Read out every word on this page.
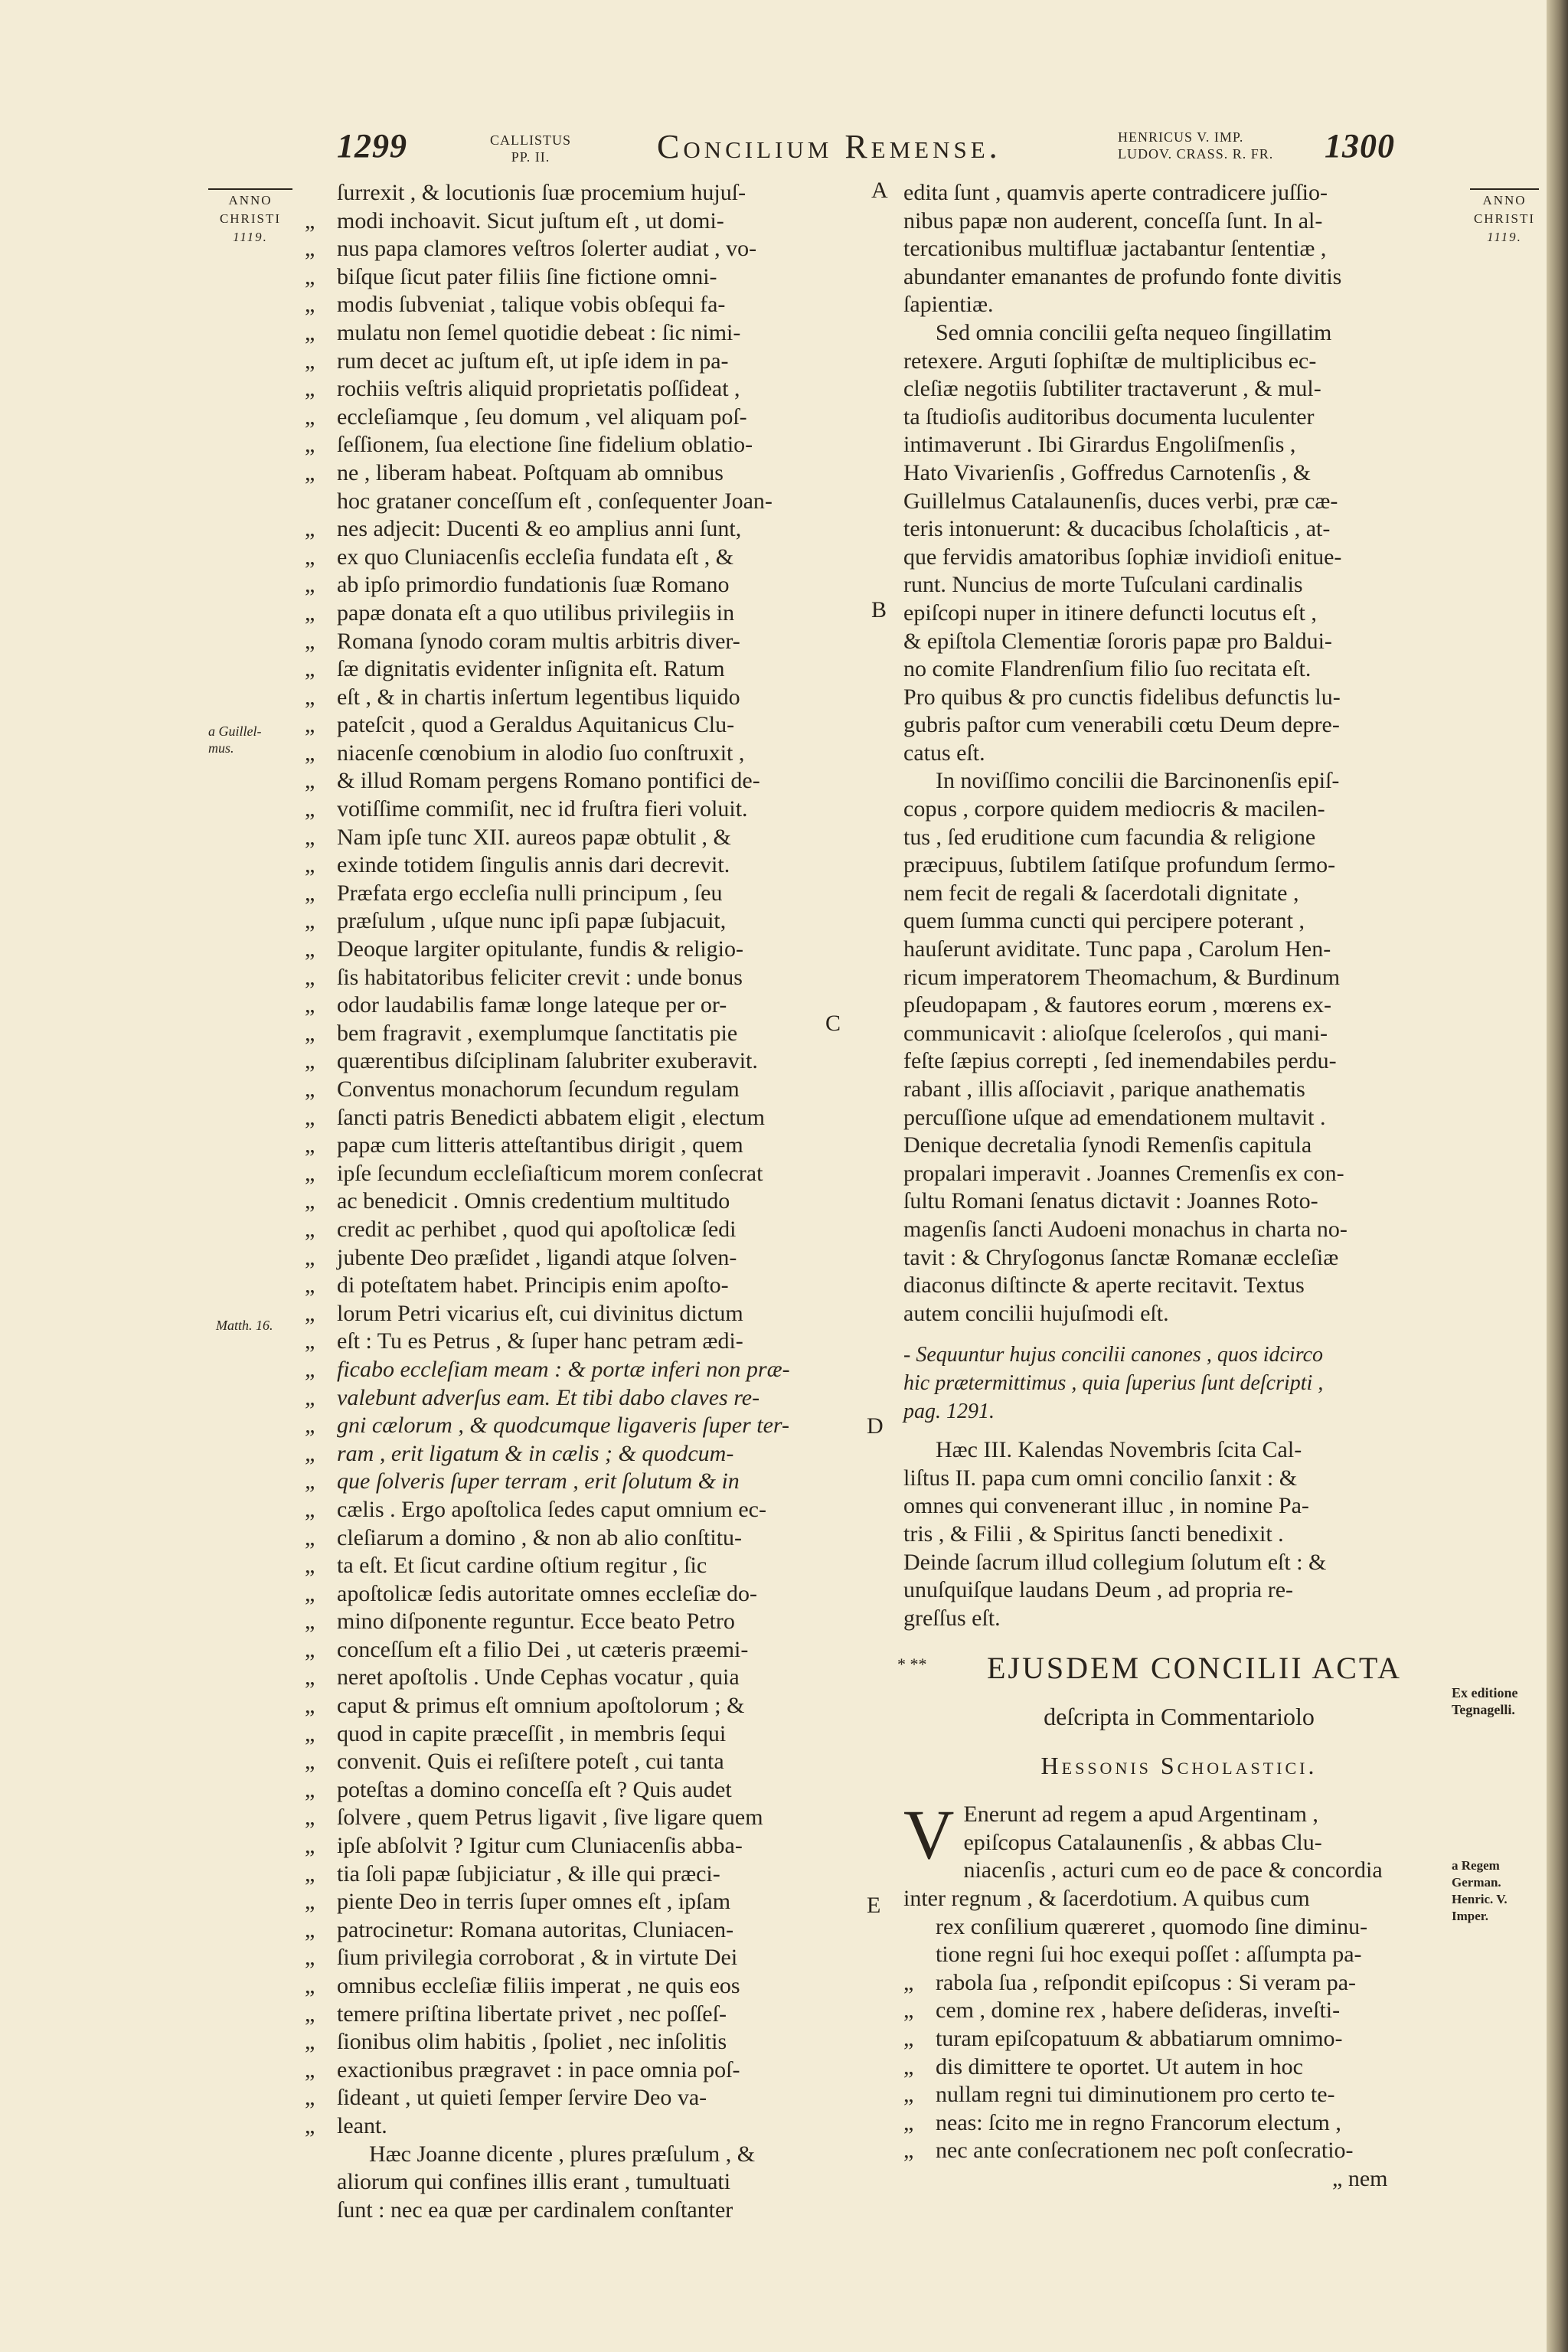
1299	CALLISTUS
PP. II.	Concilium Remense.	HENRICUS V. IMP.
LUDOV. CRASS. R. FR. 1300
ANNO
CHRISTI
1119.
a Guillel-
mus.
Matth. 16.
ANNO
CHRISTI
1119.
Ex editione
Tegnagelli.
a Regem
German.
Henric. V.
Imper.
A
B
C
D
E
ſurrexit , & locutionis ſuæ procemium hujuſ-
„ modi inchoavit. Sicut juſtum eſt , ut domi-
„ nus papa clamores veſtros ſolerter audiat , vo-
„ biſque ſicut pater filiis ſine fictione omni-
„ modis ſubveniat , talique vobis obſequi fa-
„ mulatu non ſemel quotidie debeat : ſic nimi-
„ rum decet ac juſtum eſt, ut ipſe idem in pa-
„ rochiis veſtris aliquid proprietatis poſſideat ,
„ eccleſiamque , ſeu domum , vel aliquam poſ-
„ ſeſſionem, ſua electione ſine fidelium oblatio-
„ ne , liberam habeat. Poſtquam ab omnibus
hoc grataner conceſſum eſt , conſequenter Joan-
„ nes adjecit: Ducenti & eo amplius anni ſunt,
„ ex quo Cluniacenſis eccleſia fundata eſt , &
„ ab ipſo primordio fundationis ſuæ Romano
„ papæ donata eſt a quo utilibus privilegiis in
„ Romana ſynodo coram multis arbitris diver-
„ ſæ dignitatis evidenter inſignita eſt. Ratum
„ eſt , & in chartis inſertum legentibus liquido
„ pateſcit , quod a Geraldus Aquitanicus Clu-
„ niacenſe cœnobium in alodio ſuo conſtruxit ,
„ & illud Romam pergens Romano pontifici de-
„ votiſſime commiſit, nec id fruſtra fieri voluit.
„ Nam ipſe tunc XII. aureos papæ obtulit , &
„ exinde totidem ſingulis annis dari decrevit.
„ Præfata ergo eccleſia nulli principum , ſeu
„ præſulum , uſque nunc ipſi papæ ſubjacuit,
„ Deoque largiter opitulante, fundis & religio-
„ ſis habitatoribus feliciter crevit : unde bonus
„ odor laudabilis famæ longe lateque per or-
„ bem fragravit , exemplumque ſanctitatis pie
„ quærentibus diſciplinam ſalubriter exuberavit.
„ Conventus monachorum ſecundum regulam
„ ſancti patris Benedicti abbatem eligit , electum
„ papæ cum litteris atteſtantibus dirigit , quem
„ ipſe ſecundum eccleſiaſticum morem conſecrat
„ ac benedicit . Omnis credentium multitudo
„ credit ac perhibet , quod qui apoſtolicæ ſedi
„ jubente Deo præſidet , ligandi atque ſolven-
„ di poteſtatem habet. Principis enim apoſto-
„ lorum Petri vicarius eſt, cui divinitus dictum
„ eſt : Tu es Petrus , & ſuper hanc petram ædi-
„ ficabo eccleſiam meam : & portæ inferi non præ-
„ valebunt adverſus eam. Et tibi dabo claves re-
„ gni cælorum , & quodcumque ligaveris ſuper ter-
„ ram , erit ligatum & in cælis ; & quodcum-
„ que ſolveris ſuper terram , erit ſolutum & in
„ cælis . Ergo apoſtolica ſedes caput omnium ec-
„ cleſiarum a domino , & non ab alio conſtitu-
„ ta eſt. Et ſicut cardine oſtium regitur , ſic
„ apoſtolicæ ſedis autoritate omnes eccleſiæ do-
„ mino diſponente reguntur. Ecce beato Petro
„ conceſſum eſt a filio Dei , ut cæteris præemi-
„ neret apoſtolis . Unde Cephas vocatur , quia
„ caput & primus eſt omnium apoſtolorum ; &
„ quod in capite præceſſit , in membris ſequi
„ convenit. Quis ei reſiſtere poteſt , cui tanta
„ poteſtas a domino conceſſa eſt ? Quis audet
„ ſolvere , quem Petrus ligavit , ſive ligare quem
„ ipſe abſolvit ? Igitur cum Cluniacenſis abba-
„ tia ſoli papæ ſubjiciatur , & ille qui præci-
„ piente Deo in terris ſuper omnes eſt , ipſam
„ patrocinetur: Romana autoritas, Cluniacen-
„ ſium privilegia corroborat , & in virtute Dei
„ omnibus eccleſiæ filiis imperat , ne quis eos
„ temere priſtina libertate privet , nec poſſeſ-
„ ſionibus olim habitis , ſpoliet , nec inſolitis
„ exactionibus prægravet : in pace omnia poſ-
„ ſideant , ut quieti ſemper ſervire Deo va-
„ leant.
Hæc Joanne dicente , plures præſulum , &
aliorum qui confines illis erant , tumultuati
ſunt : nec ea quæ per cardinalem conſtanter
edita ſunt , quamvis aperte contradicere juſſio-
nibus papæ non auderent, conceſſa ſunt. In al-
tercationibus multifluæ jactabantur ſententiæ ,
abundanter emanantes de profundo fonte divitis
ſapientiæ.
Sed omnia concilii geſta nequeo ſingillatim
retexere. Arguti ſophiſtæ de multiplicibus ec-
cleſiæ negotiis ſubtiliter tractaverunt , & mul-
ta ſtudioſis auditoribus documenta luculenter
intimaverunt . Ibi Girardus Engoliſmenſis ,
Hato Vivarienſis , Goffredus Carnotenſis , &
Guillelmus Catalaunenſis, duces verbi, præ cæ-
teris intonuerunt: & ducacibus ſcholaſticis , at-
que fervidis amatoribus ſophiæ invidioſi enitue-
runt. Nuncius de morte Tuſculani cardinalis
epiſcopi nuper in itinere defuncti locutus eſt ,
& epiſtola Clementiæ ſororis papæ pro Baldui-
no comite Flandrenſium filio ſuo recitata eſt.
Pro quibus & pro cunctis fidelibus defunctis lu-
gubris paſtor cum venerabili cœtu Deum depre-
catus eſt.
In noviſſimo concilii die Barcinonenſis epiſ-
copus , corpore quidem mediocris & macilen-
tus , ſed eruditione cum facundia & religione
præcipuus, ſubtilem ſatiſque profundum ſermo-
nem fecit de regali & ſacerdotali dignitate ,
quem ſumma cuncti qui percipere poterant ,
hauſerunt aviditate. Tunc papa , Carolum Hen-
ricum imperatorem Theomachum, & Burdinum
pſeudopapam , & fautores eorum , mœrens ex-
communicavit : alioſque ſceleroſos , qui mani-
feſte ſæpius correpti , ſed inemendabiles perdu-
rabant , illis aſſociavit , parique anathematis
percuſſione uſque ad emendationem multavit .
Denique decretalia ſynodi Remenſis capitula
propalari imperavit . Joannes Cremenſis ex con-
ſultu Romani ſenatus dictavit : Joannes Roto-
magenſis ſancti Audoeni monachus in charta no-
tavit : & Chryſogonus ſanctæ Romanæ eccleſiæ
diaconus diſtincte & aperte recitavit. Textus
autem concilii hujuſmodi eſt.
- Sequuntur hujus concilii canones , quos idcirco
hic prætermittimus , quia ſuperius ſunt deſcripti ,
pag. 1291.
Hæc III. Kalendas Novembris ſcita Cal-
liſtus II. papa cum omni concilio ſanxit : &
omnes qui convenerant illuc , in nomine Pa-
tris , & Filii , & Spiritus ſancti benedixit .
Deinde ſacrum illud collegium ſolutum eſt : &
unuſquiſque laudans Deum , ad propria re-
greſſus eſt.
* **	EJUSDEM CONCILII ACTA
deſcripta in Commentariolo
Hessonis Scholastici.
V Enerunt ad regem a apud Argentinam ,
epiſcopus Catalaunenſis , & abbas Clu-
niacenſis , acturi cum eo de pace & concordia
inter regnum , & ſacerdotium. A quibus cum
rex conſilium quæreret , quomodo ſine diminu-
tione regni ſui hoc exequi poſſet : aſſumpta pa-
„ rabola ſua , reſpondit epiſcopus : Si veram pa-
„ cem , domine rex , habere deſideras, inveſti-
„ turam epiſcopatuum & abbatiarum omnimo-
„ dis dimittere te oportet. Ut autem in hoc
„ nullam regni tui diminutionem pro certo te-
„ neas: ſcito me in regno Francorum electum ,
„ nec ante conſecrationem nec poſt conſecratio-
„ nem
